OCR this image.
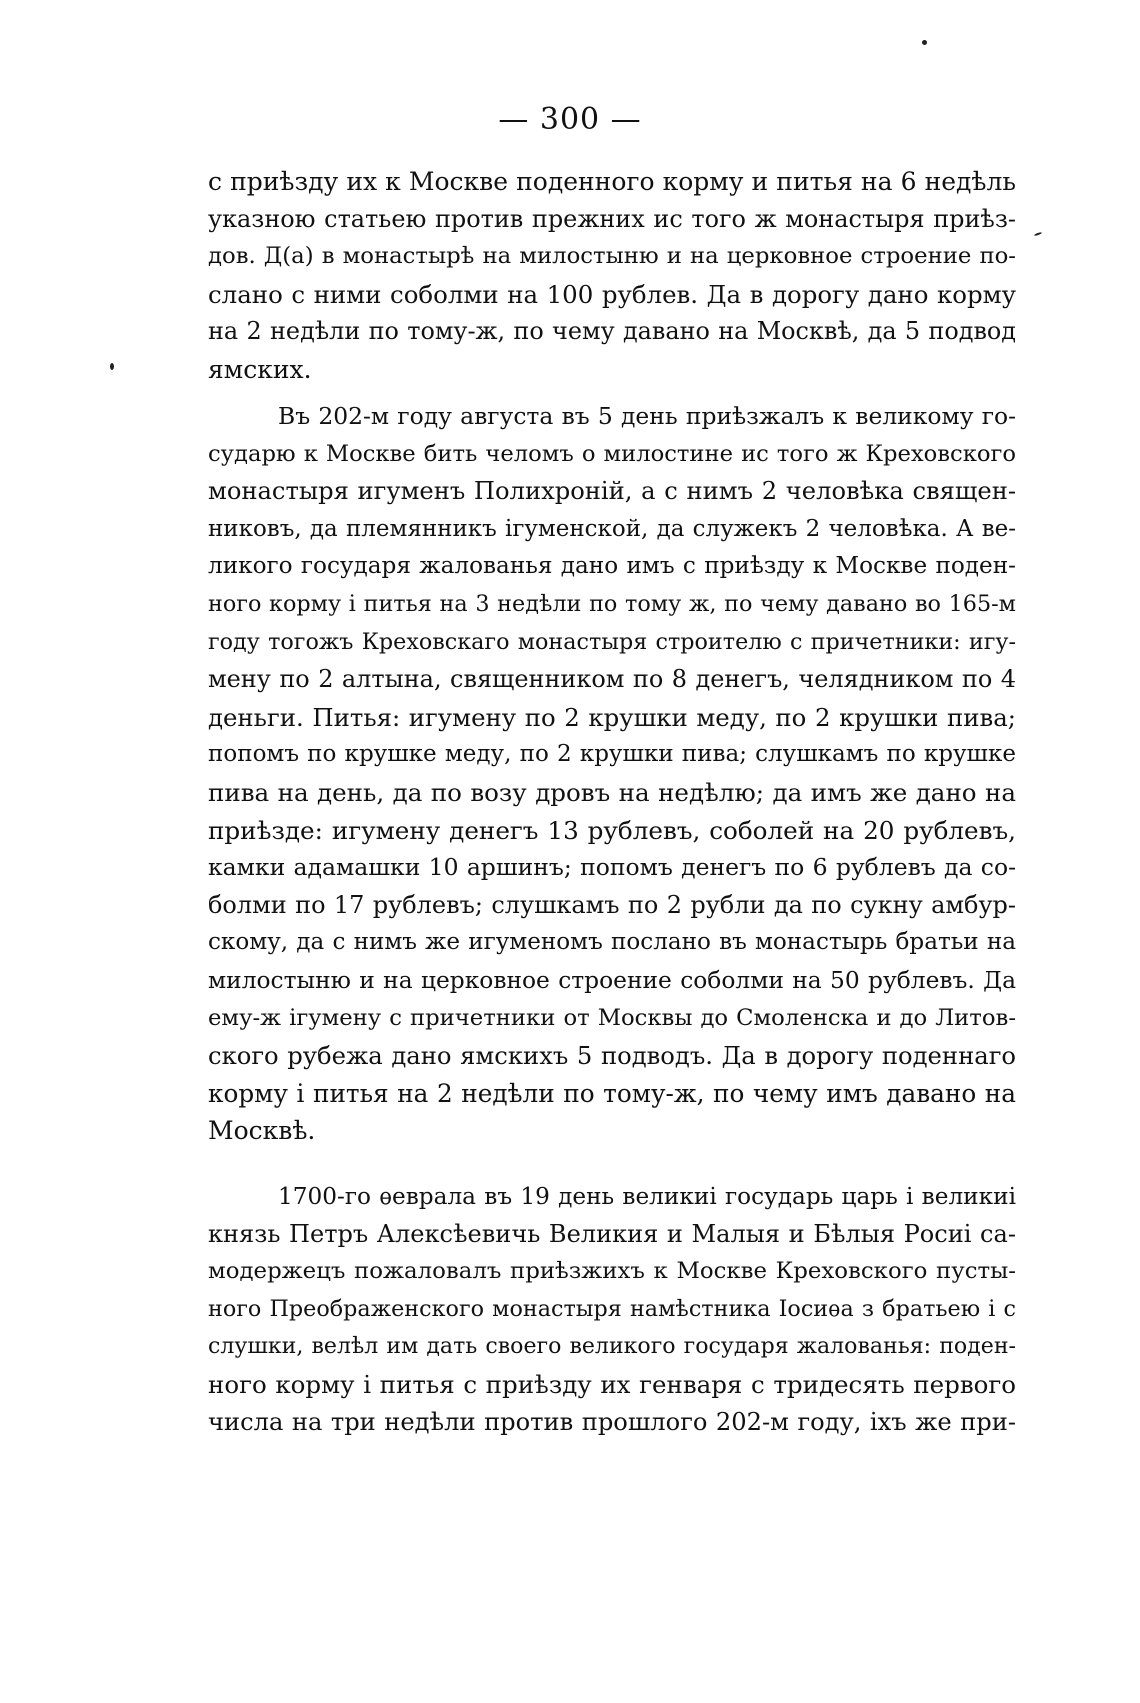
— 300 —
с приѣзду их к Москве поденного корму и питья на 6 недѣль
указною статьею против прежних ис того ж монастыря приѣз-
дов. Д(а) в монастырѣ на милостыню и на церковное строение по-
слано с ними соболми на 100 рублев. Да в дорогу дано корму
на 2 недѣли по тому-ж, по чему давано на Москвѣ, да 5 подвод
ямских.
Въ 202-м году августа въ 5 день приѣзжалъ к великому го-
сударю к Москве бить челомъ о милостине ис того ж Креховского
монастыря игуменъ Полихроній, а с нимъ 2 человѣка священ-
никовъ, да племянникъ ігуменской, да служекъ 2 человѣка. А ве-
ликого государя жалованья дано имъ с приѣзду к Москве поден-
ного корму і питья на 3 недѣли по тому ж, по чему давано во 165-м
году тогожъ Креховскаго монастыря строителю с причетники: игу-
мену по 2 алтына, священником по 8 денегъ, челядником по 4
деньги. Питья: игумену по 2 крушки меду, по 2 крушки пива;
попомъ по крушке меду, по 2 крушки пива; слушкамъ по крушке
пива на день, да по возу дровъ на недѣлю; да имъ же дано на
приѣзде: игумену денегъ 13 рублевъ, соболей на 20 рублевъ,
камки адамашки 10 аршинъ; попомъ денегъ по 6 рублевъ да со-
болми по 17 рублевъ; слушкамъ по 2 рубли да по сукну амбур-
скому, да с нимъ же игуменомъ послано въ монастырь братьи на
милостыню и на церковное строение соболми на 50 рублевъ. Да
ему-ж ігумену с причетники от Москвы до Смоленска и до Литов-
ского рубежа дано ямскихъ 5 подводъ. Да в дорогу поденнаго
корму і питья на 2 недѣли по тому-ж, по чему имъ давано на
Москвѣ.
1700-го ѳеврала въ 19 день великиі государь царь і великиі
князь Петръ Алексѣевичь Великия и Малыя и Бѣлыя Росиі са-
модержецъ пожаловалъ приѣзжихъ к Москве Креховского пусты-
ного Преображенского монастыря намѣстника Іосиѳа з братьею і с
слушки, велѣл им дать своего великого государя жалованья: поден-
ного корму і питья с приѣзду их генваря с тридесять первого
числа на три недѣли против прошлого 202-м году, іхъ же при-
